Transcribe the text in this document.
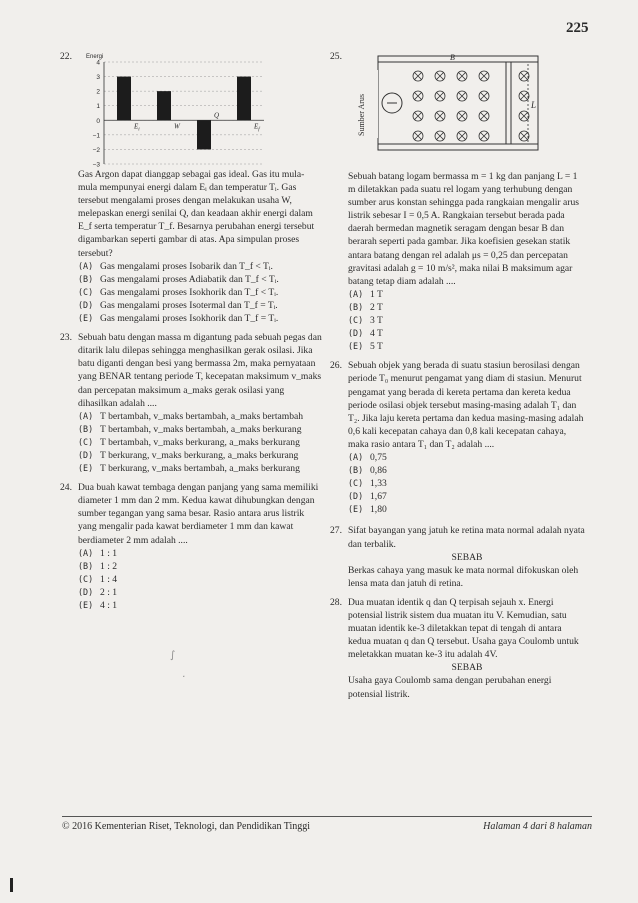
225
22. Energi
4
3
2
1
0
−1
−2
−3
$E_i$	W
Q
$E_f$
Gas Argon dapat dianggap sebagai gas ideal. Gas itu mula-mula mempunyai energi dalam Eᵢ dan temperatur Tᵢ. Gas tersebut mengalami proses dengan melakukan usaha W, melepaskan energi senilai Q, dan keadaan akhir energi dalam E_f serta temperatur T_f. Besarnya perubahan energi tersebut digambarkan seperti gambar di atas. Apa simpulan proses tersebut?
(A) Gas mengalami proses Isobarik dan T_f < Tᵢ.
(B) Gas mengalami proses Adiabatik dan T_f < Tᵢ.
(C) Gas mengalami proses Isokhorik dan T_f < Tᵢ.
(D) Gas mengalami proses Isotermal dan T_f = Tᵢ.
(E) Gas mengalami proses Isokhorik dan T_f = Tᵢ.
23. Sebuah batu dengan massa m digantung pada sebuah pegas dan ditarik lalu dilepas sehingga menghasilkan gerak osilasi. Jika batu diganti dengan besi yang bermassa 2m, maka pernyataan yang BENAR tentang periode T, kecepatan maksimum v_maks dan percepatan maksimum a_maks gerak osilasi yang dihasilkan adalah ....
(A) T bertambah, v_maks bertambah, a_maks bertambah
(B) T bertambah, v_maks bertambah, a_maks berkurang
(C) T bertambah, v_maks berkurang, a_maks berkurang
(D) T berkurang, v_maks berkurang, a_maks berkurang
(E) T berkurang, v_maks bertambah, a_maks berkurang
24. Dua buah kawat tembaga dengan panjang yang sama memiliki diameter 1 mm dan 2 mm. Kedua kawat dihubungkan dengan sumber tegangan yang sama besar. Rasio antara arus listrik yang mengalir pada kawat berdiameter 1 mm dan kawat berdiameter 2 mm adalah ....
(A) 1 : 1
(B) 1 : 2
(C) 1 : 4
(D) 2 : 1
(E) 4 : 1
25.
Sumber Arus	L
B
Sebuah batang logam bermassa m = 1 kg dan panjang L = 1 m diletakkan pada suatu rel logam yang terhubung dengan sumber arus konstan sehingga pada rangkaian mengalir arus listrik sebesar I = 0,5 A. Rangkaian tersebut berada pada daerah bermedan magnetik seragam dengan besar B dan berarah seperti pada gambar. Jika koefisien gesekan statik antara batang dengan rel adalah μs = 0,25 dan percepatan gravitasi adalah g = 10 m/s², maka nilai B maksimum agar batang tetap diam adalah ....
(A) 1 T
(B) 2 T
(C) 3 T
(D) 4 T
(E) 5 T
26. Sebuah objek yang berada di suatu stasiun berosilasi dengan periode T₀ menurut pengamat yang diam di stasiun. Menurut pengamat yang berada di kereta pertama dan kereta kedua periode osilasi objek tersebut masing-masing adalah T₁ dan T₂. Jika laju kereta pertama dan kedua masing-masing adalah 0,6 kali kecepatan cahaya dan 0,8 kali kecepatan cahaya, maka rasio antara T₁ dan T₂ adalah ....
(A) 0,75
(B) 0,86
(C) 1,33
(D) 1,67
(E) 1,80
27. Sifat bayangan yang jatuh ke retina mata normal adalah nyata dan terbalik.
SEBAB
Berkas cahaya yang masuk ke mata normal difokuskan oleh lensa mata dan jatuh di retina.
28. Dua muatan identik q dan Q terpisah sejauh x. Energi potensial listrik sistem dua muatan itu V. Kemudian, satu muatan identik ke-3 diletakkan tepat di tengah di antara kedua muatan q dan Q tersebut. Usaha gaya Coulomb untuk meletakkan muatan ke-3 itu adalah 4V.
SEBAB
Usaha gaya Coulomb sama dengan perubahan energi potensial listrik.
∫
·
© 2016 Kementerian Riset, Teknologi, dan Pendidikan Tinggi	Halaman 4 dari 8 halaman
